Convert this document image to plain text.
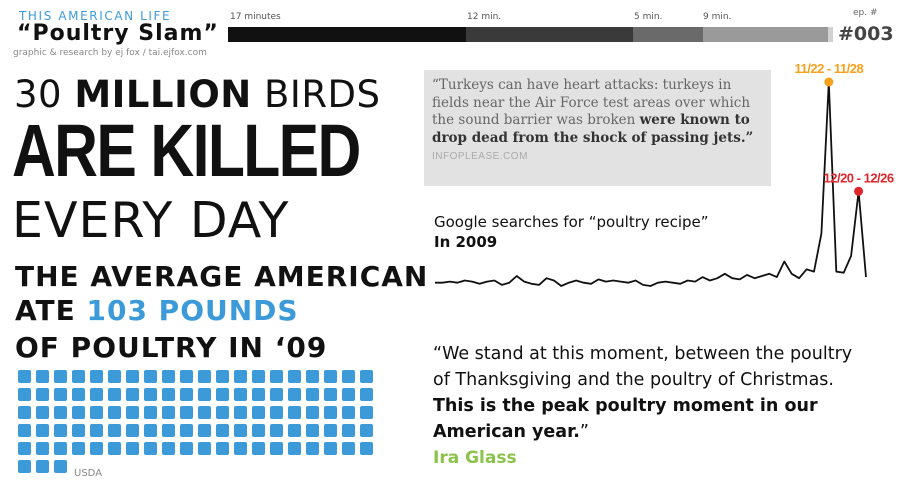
THIS AMERICAN LIFE
“Poultry Slam”
graphic & research by ej fox / tai.ejfox.com
17 minutes	12 min.	5 min.	9 min.	ep. #
#003
30 MILLION BIRDS
ARE KILLED
EVERY DAY
THE AVERAGE AMERICAN
ATE 103 POUNDS
OF POULTRY IN ‘09
USDA
“Turkeys can have heart attacks: turkeys in fields near the Air Force test areas over which the sound barrier was broken were known to drop dead from the shock of passing jets.” INFOPLEASE.COM
Google searches for “poultry recipe”
In 2009
11/22 - 11/28
12/20 - 12/26
“We stand at this moment, between the poultry of Thanksgiving and the poultry of Christmas. This is the peak poultry moment in our American year.”
Ira Glass
